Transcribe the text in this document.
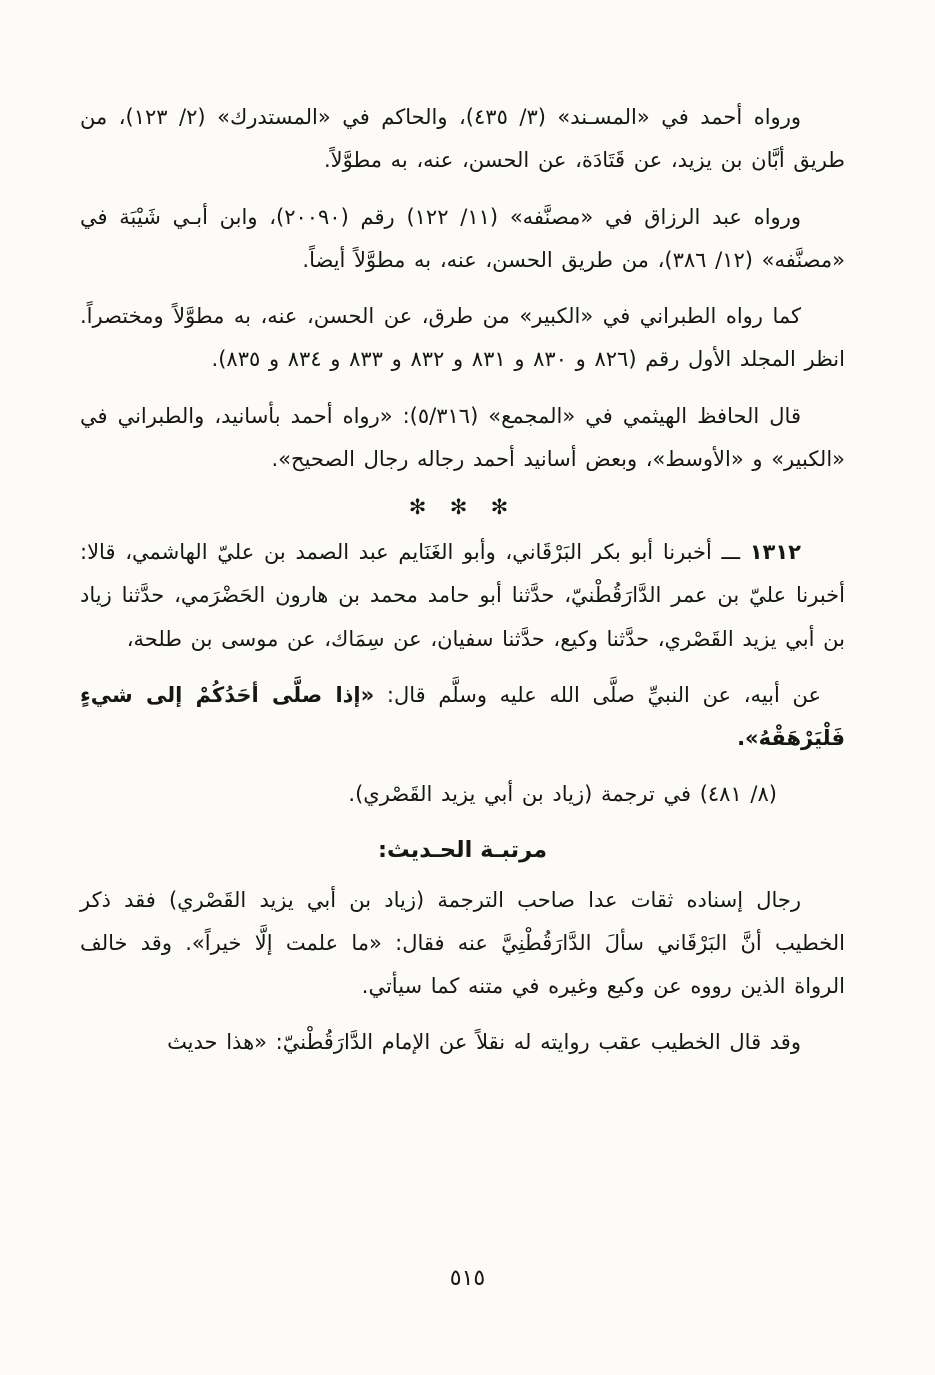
ورواه أحمد في «المسـند» (٣/ ٤٣٥)، والحاكم في «المستدرك» (٢/ ١٢٣)، من طريق أبَّان بن يزيد، عن قَتَادَة، عن الحسن، عنه، به مطوَّلاً.

ورواه عبد الرزاق في «مصنَّفه» (١١/ ١٢٢) رقم (٢٠٠٩٠)، وابن أبـي شَيْبَة في «مصنَّفه» (١٢/ ٣٨٦)، من طريق الحسن، عنه، به مطوَّلاً أيضاً.

كما رواه الطبراني في «الكبير» من طرق، عن الحسن، عنه، به مطوَّلاً ومختصراً. انظر المجلد الأول رقم (٨٢٦ و ٨٣٠ و ٨٣١ و ٨٣٢ و ٨٣٣ و ٨٣٤ و ٨٣٥).

قال الحافظ الهيثمي في «المجمع» (٥/٣١٦): «رواه أحمد بأسانيد، والطبراني في «الكبير» و «الأوسط»، وبعض أسانيد أحمد رجاله رجال الصحيح».

✻ ✻ ✻

١٣١٢ ـــ أخبرنا أبو بكر البَرْقَاني، وأبو الغَنَايم عبد الصمد بن عليّ الهاشمي، قالا: أخبرنا عليّ بن عمر الدَّارَقُطْنيّ، حدَّثنا أبو حامد محمد بن هارون الحَضْرَمي، حدَّثنا زياد بن أبي يزيد القَصْري، حدَّثنا وكيع، حدَّثنا سفيان، عن سِمَاك، عن موسى بن طلحة،

عن أبيه، عن النبيِّ صلَّى الله عليه وسلَّم قال: «إذا صلَّى أحَدُكُمْ إلى شيءٍ فَلْيَرْهَقْهُ».

(٨/ ٤٨١) في ترجمة (زياد بن أبي يزيد القَصْري).

مرتبـة الحـديث:

رجال إسناده ثقات عدا صاحب الترجمة (زياد بن أبي يزيد القَصْري) فقد ذكر الخطيب أنَّ البَرْقَاني سألَ الدَّارَقُطْنِيَّ عنه فقال: «ما علمت إلَّا خيراً». وقد خالف الرواة الذين رووه عن وكيع وغيره في متنه كما سيأتي.

وقد قال الخطيب عقب روايته له نقلاً عن الإمام الدَّارَقُطْنيّ: «هذا حديث

٥١٥
